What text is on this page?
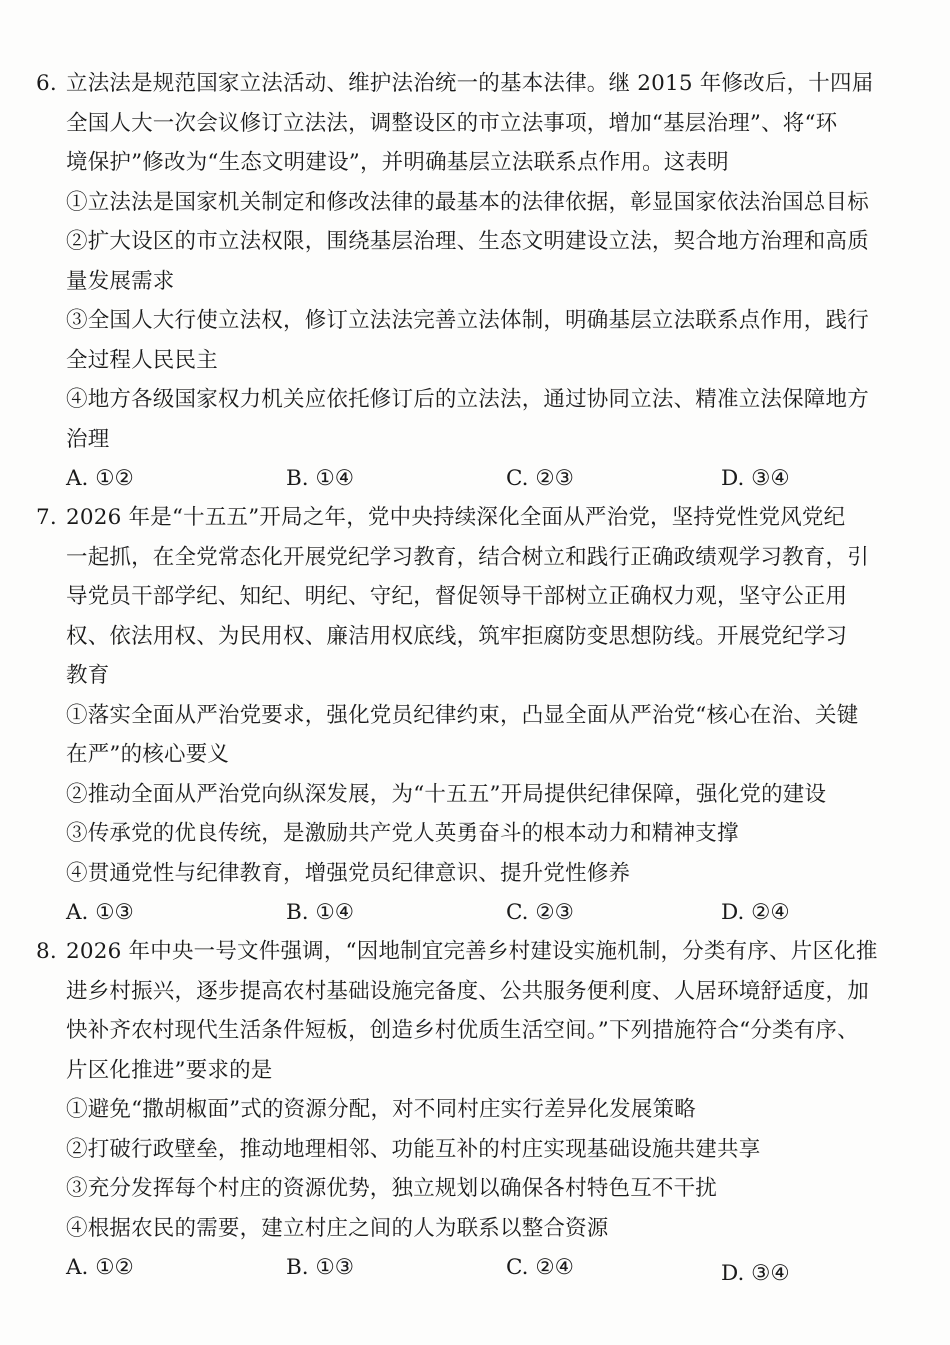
6. 立法法是规范国家立法活动、维护法治统一的基本法律。继 2015 年修改后，十四届
全国人大一次会议修订立法法，调整设区的市立法事项，增加“基层治理”、将“环
境保护”修改为“生态文明建设”，并明确基层立法联系点作用。这表明
①立法法是国家机关制定和修改法律的最基本的法律依据，彰显国家依法治国总目标
②扩大设区的市立法权限，围绕基层治理、生态文明建设立法，契合地方治理和高质
量发展需求
③全国人大行使立法权，修订立法法完善立法体制，明确基层立法联系点作用，践行
全过程人民民主
④地方各级国家权力机关应依托修订后的立法法，通过协同立法、精准立法保障地方
治理
A. ①②	B. ①④	C. ②③	D. ③④
7. 2026 年是“十五五”开局之年，党中央持续深化全面从严治党，坚持党性党风党纪
一起抓，在全党常态化开展党纪学习教育，结合树立和践行正确政绩观学习教育，引
导党员干部学纪、知纪、明纪、守纪，督促领导干部树立正确权力观，坚守公正用
权、依法用权、为民用权、廉洁用权底线，筑牢拒腐防变思想防线。开展党纪学习
教育
①落实全面从严治党要求，强化党员纪律约束，凸显全面从严治党“核心在治、关键
在严”的核心要义
②推动全面从严治党向纵深发展，为“十五五”开局提供纪律保障，强化党的建设
③传承党的优良传统，是激励共产党人英勇奋斗的根本动力和精神支撑
④贯通党性与纪律教育，增强党员纪律意识、提升党性修养
A. ①③	B. ①④	C. ②③	D. ②④
8. 2026 年中央一号文件强调，“因地制宜完善乡村建设实施机制，分类有序、片区化推
进乡村振兴，逐步提高农村基础设施完备度、公共服务便利度、人居环境舒适度，加
快补齐农村现代生活条件短板，创造乡村优质生活空间。”下列措施符合“分类有序、
片区化推进”要求的是
①避免“撒胡椒面”式的资源分配，对不同村庄实行差异化发展策略
②打破行政壁垒，推动地理相邻、功能互补的村庄实现基础设施共建共享
③充分发挥每个村庄的资源优势，独立规划以确保各村特色互不干扰
④根据农民的需要，建立村庄之间的人为联系以整合资源
A. ①②	B. ①③	C. ②④	D. ③④
